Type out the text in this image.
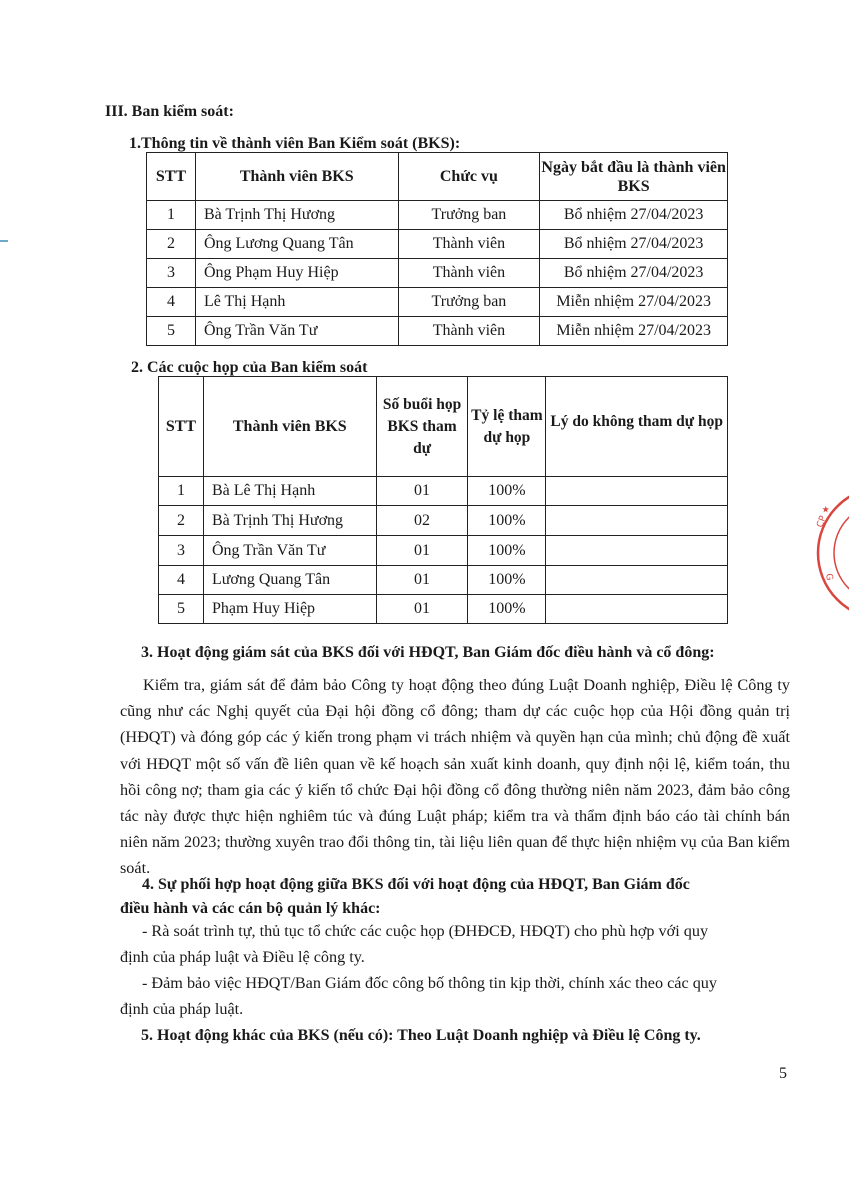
III. Ban kiểm soát:
1.Thông tin về thành viên Ban Kiểm soát (BKS):
STT	Thành viên BKS	Chức vụ	Ngày bắt đầu là thành viên BKS
1	Bà Trịnh Thị Hương	Trưởng ban	Bổ nhiệm 27/04/2023
2	Ông Lương Quang Tân	Thành viên	Bổ nhiệm 27/04/2023
3	Ông Phạm Huy Hiệp	Thành viên	Bổ nhiệm 27/04/2023
4	Lê Thị Hạnh	Trưởng ban	Miễn nhiệm 27/04/2023
5	Ông Trần Văn Tư	Thành viên	Miễn nhiệm 27/04/2023
2. Các cuộc họp của Ban kiểm soát
STT	Thành viên BKS	Số buổi họp BKS tham dự	Tỷ lệ tham dự họp	Lý do không tham dự họp
1	Bà Lê Thị Hạnh	01	100%	
2	Bà Trịnh Thị Hương	02	100%	
3	Ông Trần Văn Tư	01	100%	
4	Lương Quang Tân	01	100%	
5	Phạm Huy Hiệp	01	100%	
3. Hoạt động giám sát của BKS đối với HĐQT, Ban Giám đốc điều hành và cổ đông:
Kiểm tra, giám sát để đảm bảo Công ty hoạt động theo đúng Luật Doanh nghiệp, Điều lệ Công ty cũng như các Nghị quyết của Đại hội đồng cổ đông; tham dự các cuộc họp của Hội đồng quản trị (HĐQT) và đóng góp các ý kiến trong phạm vi trách nhiệm và quyền hạn của mình; chủ động đề xuất với HĐQT một số vấn đề liên quan về kế hoạch sản xuất kinh doanh, quy định nội lệ, kiểm toán, thu hồi công nợ; tham gia các ý kiến tổ chức Đại hội đồng cổ đông thường niên năm 2023, đảm bảo công tác này được thực hiện nghiêm túc và đúng Luật pháp; kiểm tra và thẩm định báo cáo tài chính bán niên năm 2023; thường xuyên trao đổi thông tin, tài liệu liên quan để thực hiện nhiệm vụ của Ban kiểm soát.
4. Sự phối hợp hoạt động giữa BKS đối với hoạt động của HĐQT, Ban Giám đốc
điều hành và các cán bộ quản lý khác:
- Rà soát trình tự, thủ tục tổ chức các cuộc họp (ĐHĐCĐ, HĐQT) cho phù hợp với quy
định của pháp luật và Điều lệ công ty.
- Đảm bảo việc HĐQT/Ban Giám đốc công bố thông tin kịp thời, chính xác theo các quy
định của pháp luật.
5. Hoạt động khác của BKS (nếu có): Theo Luật Doanh nghiệp và Điều lệ Công ty.
5
CP ★
G
